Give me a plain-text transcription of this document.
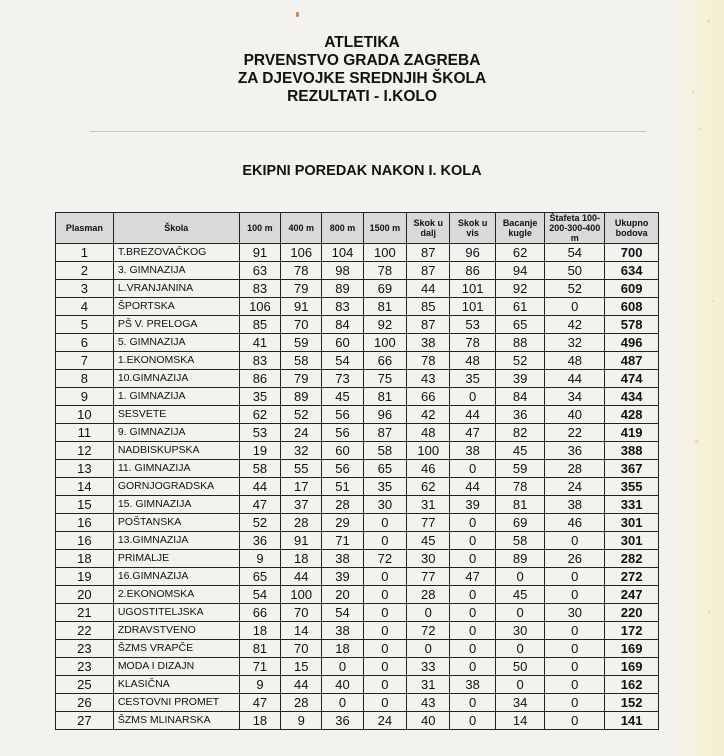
ATLETIKA
PRVENSTVO GRADA ZAGREBA
ZA DJEVOJKE SREDNJIH ŠKOLA
REZULTATI - I.KOLO
EKIPNI POREDAK NAKON I. KOLA
Plasman	Škola	100 m	400 m	800 m	1500 m	Skok u dalj	Skok u vis	Bacanje kugle	Štafeta 100-200-300-400 m	Ukupno bodova
1	T.BREZOVAČKOG	91	106	104	100	87	96	62	54	700
2	3. GIMNAZIJA	63	78	98	78	87	86	94	50	634
3	L.VRANJANINA	83	79	89	69	44	101	92	52	609
4	ŠPORTSKA	106	91	83	81	85	101	61	0	608
5	PŠ V. PRELOGA	85	70	84	92	87	53	65	42	578
6	5. GIMNAZIJA	41	59	60	100	38	78	88	32	496
7	1.EKONOMSKA	83	58	54	66	78	48	52	48	487
8	10.GIMNAZIJA	86	79	73	75	43	35	39	44	474
9	1. GIMNAZIJA	35	89	45	81	66	0	84	34	434
10	SESVETE	62	52	56	96	42	44	36	40	428
11	9. GIMNAZIJA	53	24	56	87	48	47	82	22	419
12	NADBISKUPSKA	19	32	60	58	100	38	45	36	388
13	11. GIMNAZIJA	58	55	56	65	46	0	59	28	367
14	GORNJOGRADSKA	44	17	51	35	62	44	78	24	355
15	15. GIMNAZIJA	47	37	28	30	31	39	81	38	331
16	POŠTANSKA	52	28	29	0	77	0	69	46	301
16	13.GIMNAZIJA	36	91	71	0	45	0	58	0	301
18	PRIMALJE	9	18	38	72	30	0	89	26	282
19	16.GIMNAZIJA	65	44	39	0	77	47	0	0	272
20	2.EKONOMSKA	54	100	20	0	28	0	45	0	247
21	UGOSTITELJSKA	66	70	54	0	0	0	0	30	220
22	ZDRAVSTVENO	18	14	38	0	72	0	30	0	172
23	ŠZMS VRAPČE	81	70	18	0	0	0	0	0	169
23	MODA I DIZAJN	71	15	0	0	33	0	50	0	169
25	KLASIČNA	9	44	40	0	31	38	0	0	162
26	CESTOVNI PROMET	47	28	0	0	43	0	34	0	152
27	ŠZMS MLINARSKA	18	9	36	24	40	0	14	0	141
